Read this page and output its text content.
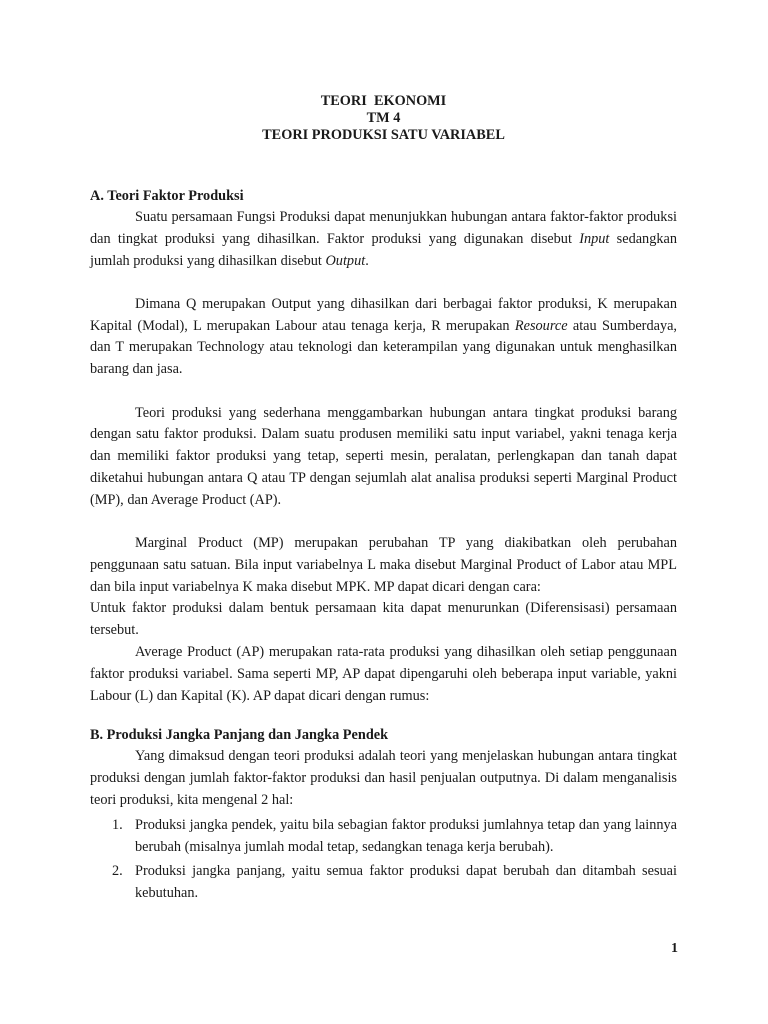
TEORI  EKONOMI
TM 4
TEORI PRODUKSI SATU VARIABEL
A. Teori Faktor Produksi

Suatu persamaan Fungsi Produksi dapat menunjukkan hubungan antara faktor-faktor produksi dan tingkat produksi yang dihasilkan. Faktor produksi yang digunakan disebut Input sedangkan jumlah produksi yang dihasilkan disebut Output.

Dimana Q merupakan Output yang dihasilkan dari berbagai faktor produksi, K merupakan Kapital (Modal), L merupakan Labour atau tenaga kerja, R merupakan Resource atau Sumberdaya, dan T merupakan Technology atau teknologi dan keterampilan yang digunakan untuk menghasilkan barang dan jasa.

Teori produksi yang sederhana menggambarkan hubungan antara tingkat produksi barang dengan satu faktor produksi. Dalam suatu produsen memiliki satu input variabel, yakni tenaga kerja dan memiliki faktor produksi yang tetap, seperti mesin, peralatan, perlengkapan dan tanah dapat diketahui hubungan antara Q atau TP dengan sejumlah alat analisa produksi seperti Marginal Product (MP), dan Average Product (AP).

Marginal Product (MP) merupakan perubahan TP yang diakibatkan oleh perubahan penggunaan satu satuan. Bila input variabelnya L maka disebut Marginal Product of Labor atau MPL dan bila input variabelnya K maka disebut MPK. MP dapat dicari dengan cara:

Untuk faktor produksi dalam bentuk persamaan kita dapat menurunkan (Diferensisasi) persamaan tersebut.

Average Product (AP) merupakan rata-rata produksi yang dihasilkan oleh setiap penggunaan faktor produksi variabel. Sama seperti MP, AP dapat dipengaruhi oleh beberapa input variable, yakni Labour (L) dan Kapital (K). AP dapat dicari dengan rumus:

B. Produksi Jangka Panjang dan Jangka Pendek

Yang dimaksud dengan teori produksi adalah teori yang menjelaskan hubungan antara tingkat produksi dengan jumlah faktor-faktor produksi dan hasil penjualan outputnya. Di dalam menganalisis teori produksi, kita mengenal 2 hal:

1. Produksi jangka pendek, yaitu bila sebagian faktor produksi jumlahnya tetap dan yang lainnya berubah (misalnya jumlah modal tetap, sedangkan tenaga kerja berubah).
2. Produksi jangka panjang, yaitu semua faktor produksi dapat berubah dan ditambah sesuai kebutuhan.
1
